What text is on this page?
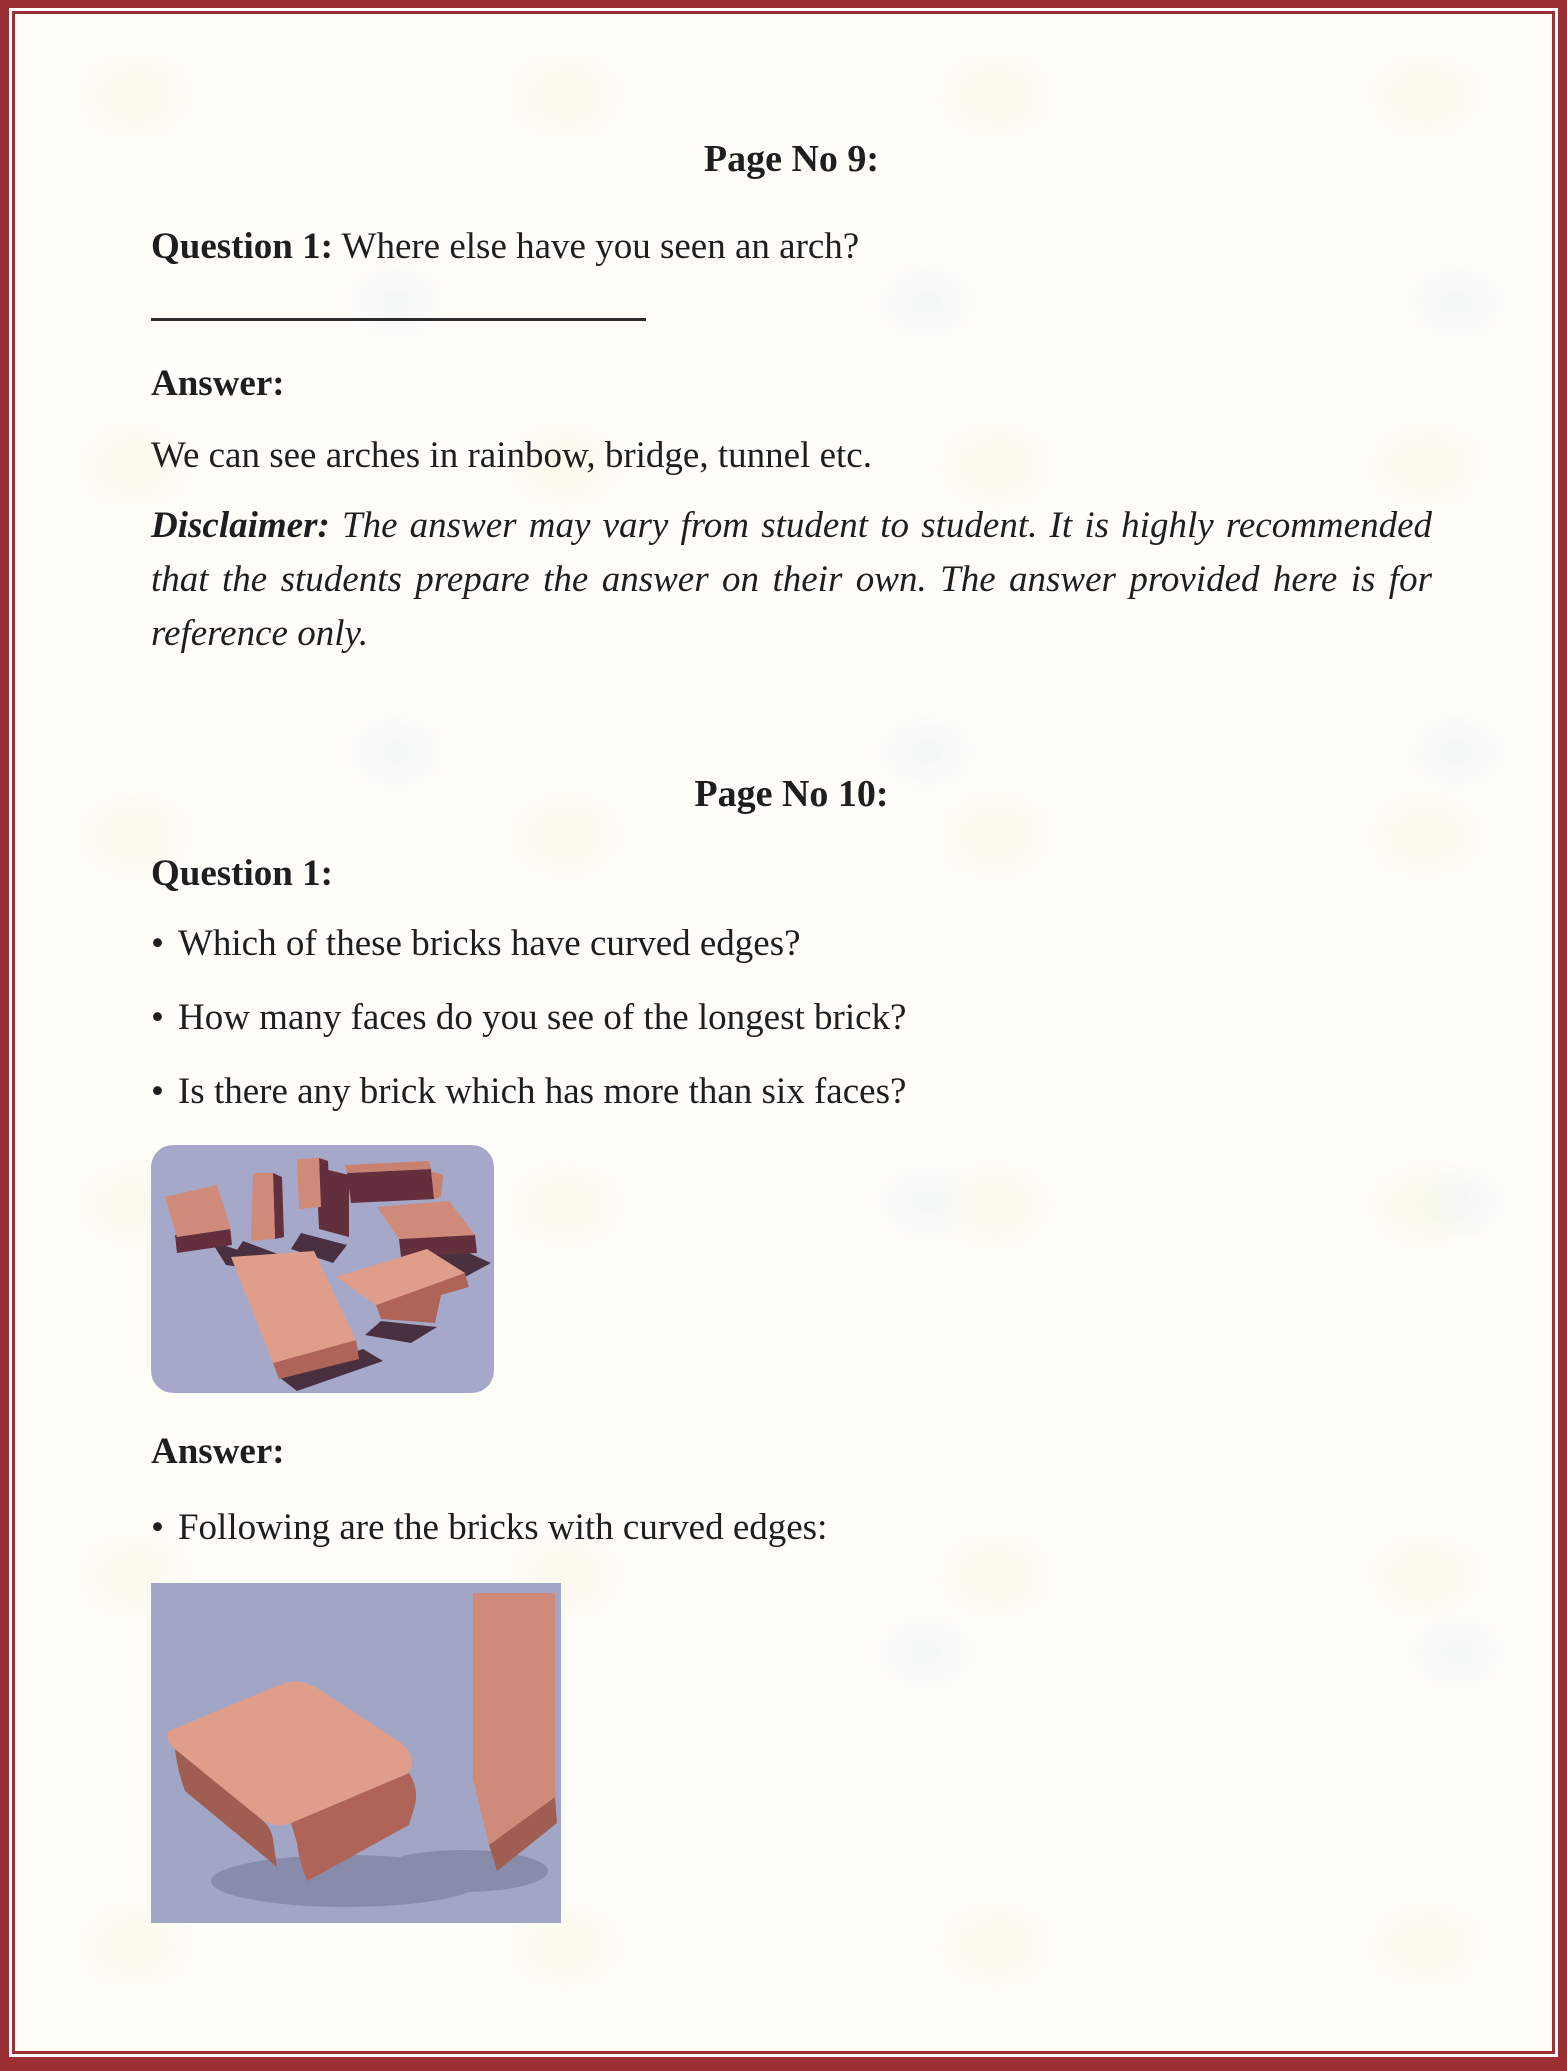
Page No 9:

Question 1: Where else have you seen an arch?

Answer:

We can see arches in rainbow, bridge, tunnel etc.

Disclaimer: The answer may vary from student to student. It is highly recommended that the students prepare the answer on their own. The answer provided here is for reference only.

Page No 10:

Question 1:

• Which of these bricks have curved edges?

• How many faces do you see of the longest brick?

• Is there any brick which has more than six faces?

Answer:

• Following are the bricks with curved edges:
